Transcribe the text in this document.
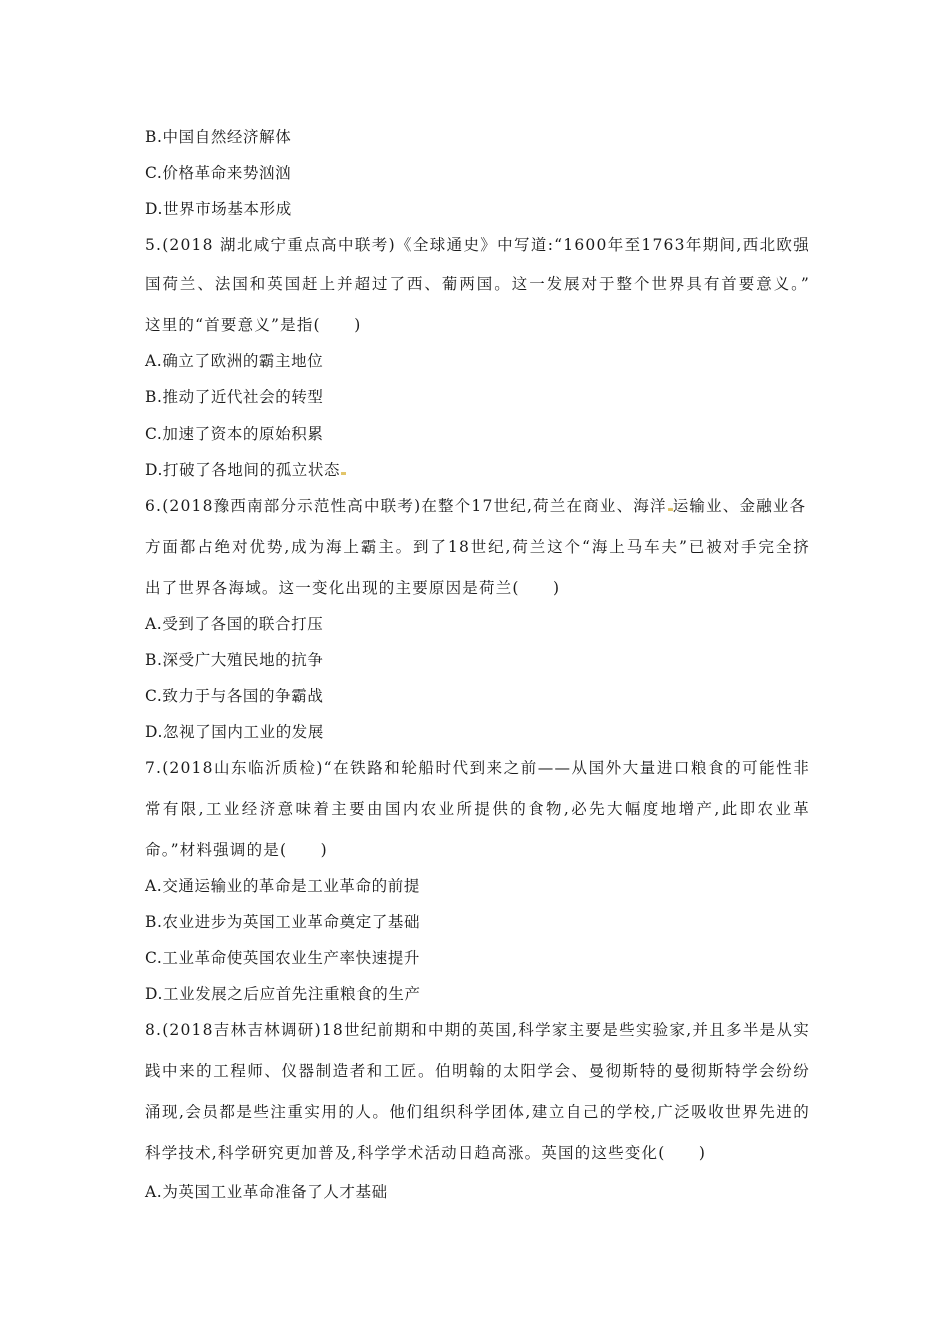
B.中国自然经济解体
C.价格革命来势汹汹
D.世界市场基本形成
5.(2018 湖北咸宁重点高中联考)《全球通史》中写道:“1600年至1763年期间,西北欧强
国荷兰、法国和英国赶上并超过了西、葡两国。这一发展对于整个世界具有首要意义。”
这里的“首要意义”是指(　　)
A.确立了欧洲的霸主地位
B.推动了近代社会的转型
C.加速了资本的原始积累
D.打破了各地间的孤立状态
6.(2018豫西南部分示范性高中联考)在整个17世纪,荷兰在商业、海洋 运输业、金融业各
方面都占绝对优势,成为海上霸主。到了18世纪,荷兰这个“海上马车夫”已被对手完全挤
出了世界各海域。这一变化出现的主要原因是荷兰(　　)
A.受到了各国的联合打压
B.深受广大殖民地的抗争
C.致力于与各国的争霸战
D.忽视了国内工业的发展
7.(2018山东临沂质检)“在铁路和轮船时代到来之前——从国外大量进口粮食的可能性非
常有限,工业经济意味着主要由国内农业所提供的食物,必先大幅度地增产,此即农业革
命。”材料强调的是(　　)
A.交通运输业的革命是工业革命的前提
B.农业进步为英国工业革命奠定了基础
C.工业革命使英国农业生产率快速提升
D.工业发展之后应首先注重粮食的生产
8.(2018吉林吉林调研)18世纪前期和中期的英国,科学家主要是些实验家,并且多半是从实
践中来的工程师、仪器制造者和工匠。伯明翰的太阳学会、曼彻斯特的曼彻斯特学会纷纷
涌现,会员都是些注重实用的人。他们组织科学团体,建立自己的学校,广泛吸收世界先进的
科学技术,科学研究更加普及,科学学术活动日趋高涨。英国的这些变化(　　)
A.为英国工业革命准备了人才基础
